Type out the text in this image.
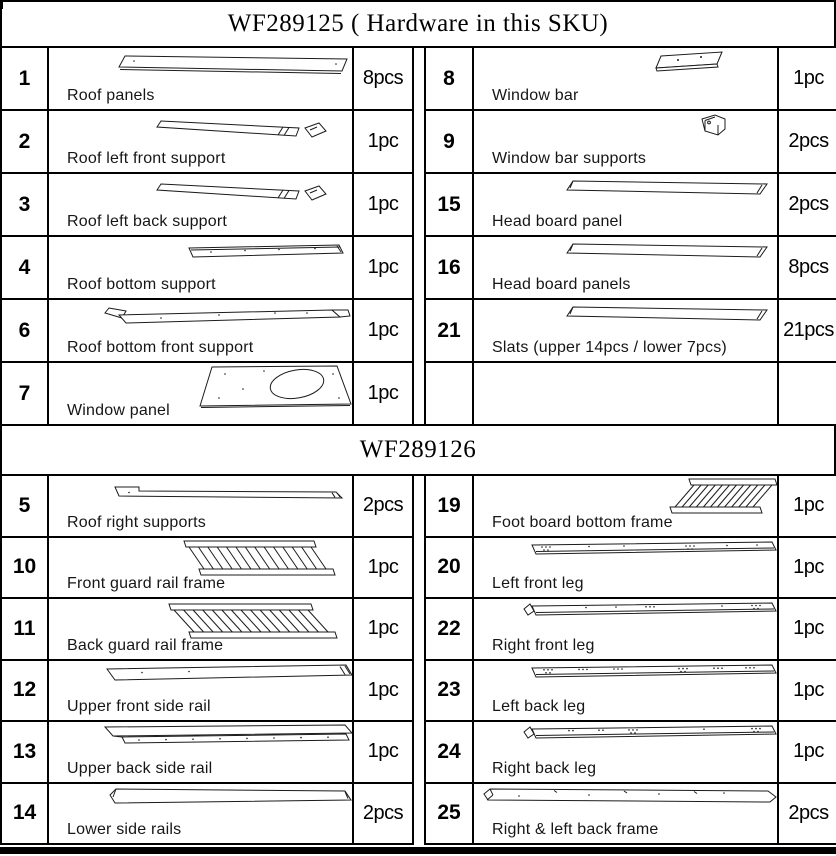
WF289125 ( Hardware in this SKU)
1	Roof panels	8pcs
2	Roof left front support	1pc
3	Roof left back support	1pc
4	Roof bottom support	1pc
6	Roof bottom front support	1pc
7	Window panel	1pc
8	Window bar	1pc
9	Window bar supports	2pcs
15	Head board panel	2pcs
16	Head board panels	8pcs
21	Slats (upper 14pcs / lower 7pcs)	21pcs

WF289126
5	Roof right supports	2pcs
10	Front guard rail frame	1pc
11	Back guard rail frame	1pc
12	Upper front side rail	1pc
13	Upper back side rail	1pc
14	Lower side rails	2pcs
19	Foot board bottom frame	1pc
20	Left front leg	1pc
22	Right front leg	1pc
23	Left back leg	1pc
24	Right back leg	1pc
25	Right & left back frame	2pcs
